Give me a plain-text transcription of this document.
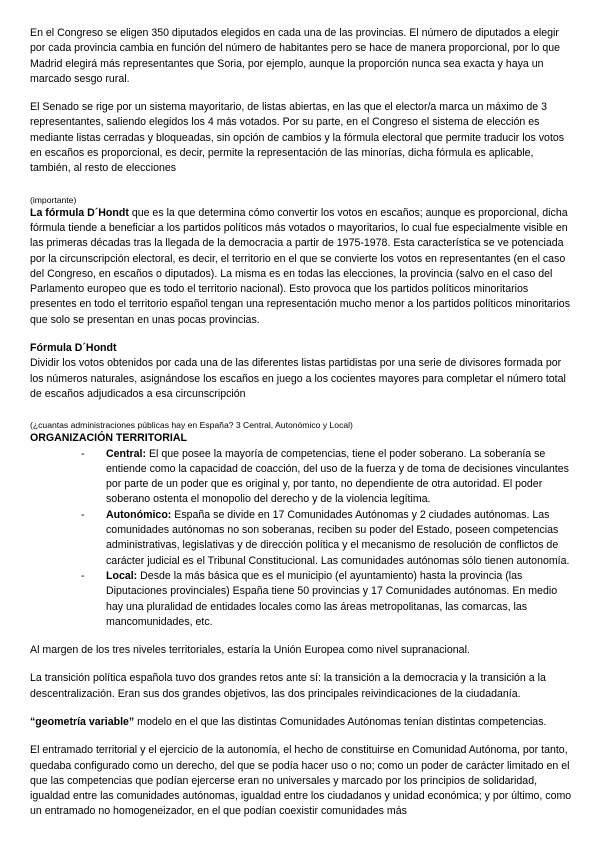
En el Congreso se eligen 350 diputados elegidos en cada una de las provincias. El número de diputados a elegir por cada provincia cambia en función del número de habitantes pero se hace de manera proporcional, por lo que Madrid elegirá más representantes que Soria, por ejemplo, aunque la proporción nunca sea exacta y haya un marcado sesgo rural.

El Senado se rige por un sistema mayoritario, de listas abiertas, en las que el elector/a marca un máximo de 3 representantes, saliendo elegidos los 4 más votados. Por su parte, en el Congreso el sistema de elección es mediante listas cerradas y bloqueadas, sin opción de cambios y la fórmula electoral que permite traducir los votos en escaños es proporcional, es decir, permite la representación de las minorías, dicha fórmula es aplicable, también, al resto de elecciones

(importante)

La fórmula D´Hondt que es la que determina cómo convertir los votos en escaños; aunque es proporcional, dicha fórmula tiende a beneficiar a los partidos políticos más votados o mayoritarios, lo cual fue especialmente visible en las primeras décadas tras la llegada de la democracia a partir de 1975-1978. Esta característica se ve potenciada por la circunscripción electoral, es decir, el territorio en el que se convierte los votos en representantes (en el caso del Congreso, en escaños o diputados). La misma es en todas las elecciones, la provincia (salvo en el caso del Parlamento europeo que es todo el territorio nacional). Esto provoca que los partidos políticos minoritarios presentes en todo el territorio español tengan una representación mucho menor a los partidos políticos minoritarios que solo se presentan en unas pocas provincias.

Fórmula D´Hondt

Dividir los votos obtenidos por cada una de las diferentes listas partidistas por una serie de divisores formada por los números naturales, asignándose los escaños en juego a los cocientes mayores para completar el número total de escaños adjudicados a esa circunscripción

(¿cuantas administraciones públicas hay en España? 3 Central, Autonómico y Local)

ORGANIZACIÓN TERRITORIAL

- Central: El que posee la mayoría de competencias, tiene el poder soberano. La soberanía se entiende como la capacidad de coacción, del uso de la fuerza y de toma de decisiones vinculantes por parte de un poder que es original y, por tanto, no dependiente de otra autoridad. El poder soberano ostenta el monopolio del derecho y de la violencia legítima.
- Autonómico: España se divide en 17 Comunidades Autónomas y 2 ciudades autónomas. Las comunidades autónomas no son soberanas, reciben su poder del Estado, poseen competencias administrativas, legislativas y de dirección política y el mecanismo de resolución de conflictos de carácter judicial es el Tribunal Constitucional. Las comunidades autónomas sólo tienen autonomía.
- Local: Desde la más básica que es el municipio (el ayuntamiento) hasta la provincia (las Diputaciones provinciales) España tiene 50 provincias y 17 Comunidades autónomas. En medio hay una pluralidad de entidades locales como las áreas metropolitanas, las comarcas, las mancomunidades, etc.

Al margen de los tres niveles territoriales, estaría la Unión Europea como nivel supranacional.

La transición política española tuvo dos grandes retos ante sí: la transición a la democracia y la transición a la descentralización. Eran sus dos grandes objetivos, las dos principales reivindicaciones de la ciudadanía.

“geometría variable” modelo en el que las distintas Comunidades Autónomas tenían distintas competencias.

El entramado territorial y el ejercicio de la autonomía, el hecho de constituirse en Comunidad Autónoma, por tanto, quedaba configurado como un derecho, del que se podía hacer uso o no; como un poder de carácter limitado en el que las competencias que podían ejercerse eran no universales y marcado por los principios de solidaridad, igualdad entre las comunidades autónomas, igualdad entre los ciudadanos y unidad económica; y por último, como un entramado no homogeneizador, en el que podían coexistir comunidades más
